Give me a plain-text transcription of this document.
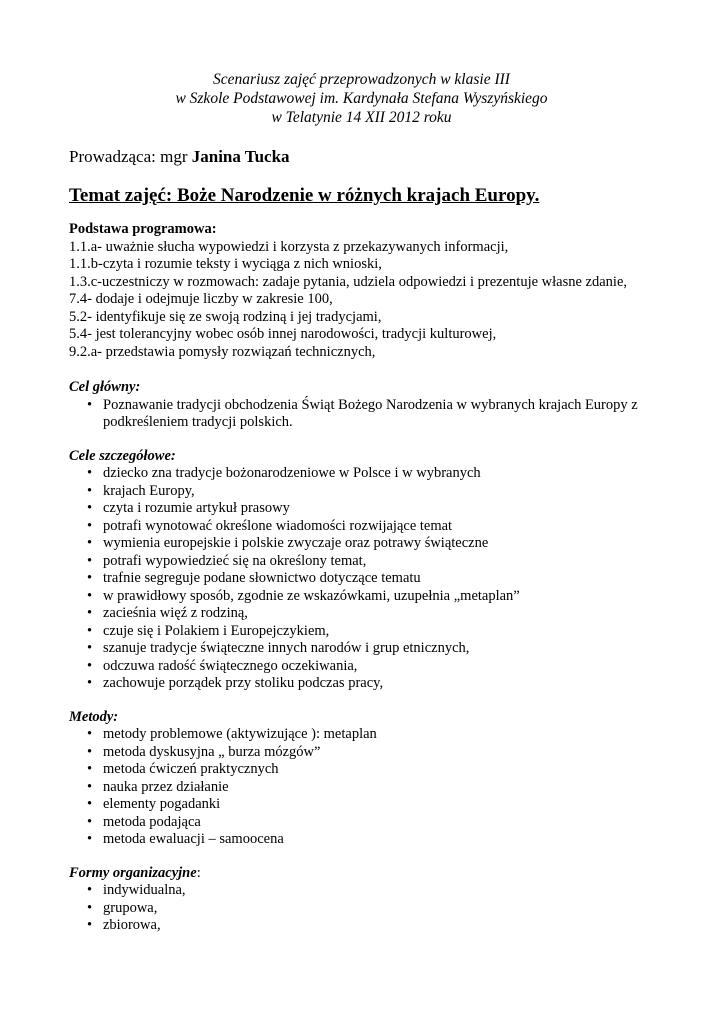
Scenariusz zajęć przeprowadzonych w klasie III
w Szkole Podstawowej im. Kardynała Stefana Wyszyńskiego
w Telatynie 14 XII 2012 roku
Prowadząca: mgr Janina Tucka
Temat zajęć: Boże Narodzenie w różnych krajach Europy.
Podstawa programowa:
1.1.a- uważnie słucha wypowiedzi i korzysta z przekazywanych informacji,
1.1.b-czyta i rozumie teksty i wyciąga z nich wnioski,
1.3.c-uczestniczy w rozmowach: zadaje pytania, udziela odpowiedzi i prezentuje własne zdanie,
7.4- dodaje i odejmuje liczby w zakresie 100,
5.2- identyfikuje się ze swoją rodziną i jej tradycjami,
5.4- jest tolerancyjny wobec osób innej narodowości, tradycji kulturowej,
9.2.a- przedstawia pomysły rozwiązań technicznych,
Cel główny:
• Poznawanie tradycji obchodzenia Świąt Bożego Narodzenia w wybranych krajach Europy z podkreśleniem tradycji polskich.
Cele szczegółowe:
• dziecko zna tradycje bożonarodzeniowe w Polsce i w wybranych
• krajach Europy,
• czyta i rozumie artykuł prasowy
• potrafi wynotować określone wiadomości rozwijające temat
• wymienia europejskie i polskie zwyczaje oraz potrawy świąteczne
• potrafi wypowiedzieć się na określony temat,
• trafnie segreguje podane słownictwo dotyczące tematu
• w prawidłowy sposób, zgodnie ze wskazówkami, uzupełnia „metaplan”
• zacieśnia więź z rodziną,
• czuje się i Polakiem i Europejczykiem,
• szanuje tradycje świąteczne innych narodów i grup etnicznych,
• odczuwa radość świątecznego oczekiwania,
• zachowuje porządek przy stoliku podczas pracy,
Metody:
• metody problemowe (aktywizujące ): metaplan
• metoda dyskusyjna „ burza mózgów”
• metoda ćwiczeń praktycznych
• nauka przez działanie
• elementy pogadanki
• metoda podająca
• metoda ewaluacji – samoocena
Formy organizacyjne:
• indywidualna,
• grupowa,
• zbiorowa,
